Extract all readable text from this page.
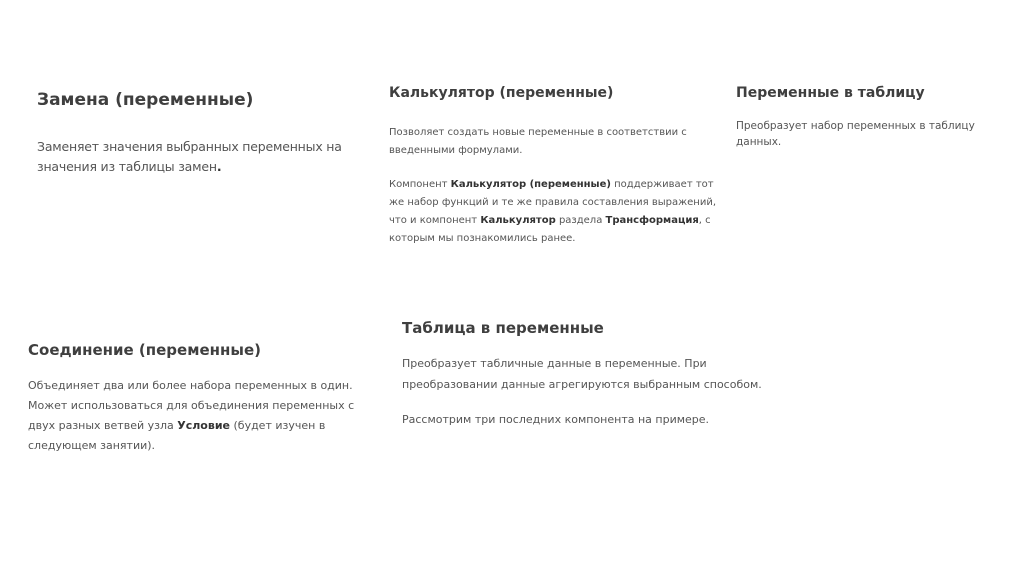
Замена (переменные)

Заменяет значения выбранных переменных на значения из таблицы замен.

Калькулятор (переменные)

Позволяет создать новые переменные в соответствии с введенными формулами.

Компонент Калькулятор (переменные) поддерживает тот же набор функций и те же правила составления выражений, что и компонент Калькулятор раздела Трансформация, с которым мы познакомились ранее.

Переменные в таблицу

Преобразует набор переменных в таблицу данных.

Соединение (переменные)

Объединяет два или более набора переменных в один. Может использоваться для объединения переменных с двух разных ветвей узла Условие (будет изучен в следующем занятии).

Таблица в переменные

Преобразует табличные данные в переменные. При преобразовании данные агрегируются выбранным способом.

Рассмотрим три последних компонента на примере.
